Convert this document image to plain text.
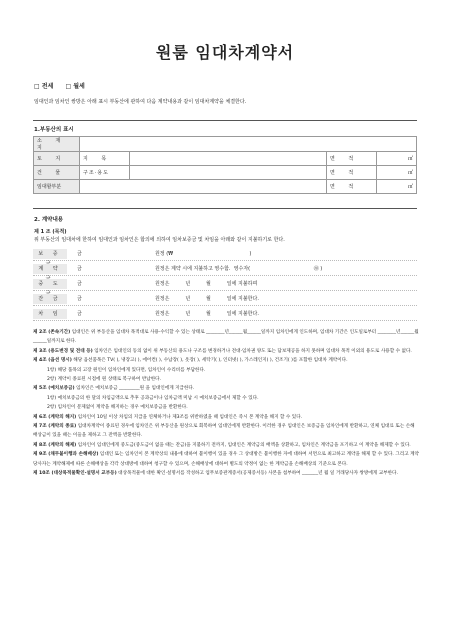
원룸 임대차계약서
□ 전세 □ 월세
임대인과 임차인 쌍방은 아래 표시 부동산에 관하여 다음 계약내용과 같이 임대차계약을 체결한다.
1.부동산의 표시
소 재 지				
토 지	지 목		면 적	㎡
건 물	구조·용도		면 적	㎡
임대할부분			면 적	㎡
2. 계약내용
제 1 조 (목적)
위 부동산의 임대차에 한하여 임대인과 임차인은 합의에 의하여 임차보증금 및 차임을 아래와 같이 지불하기로 한다.
보 증	금                                              원정 (₩                                                )
계 약	금                                              원정은 계약 시에 지불하고 영수함.  영수자(                                        ㊞ )
중 도	금                                              원정은          년          월          일에 지불하며
잔 금	금                                              원정은          년          월          일에 지불한다.
차 임	금                                              원정은          년          월          일에 지불한다.

제 2조 (존속기간) 임대인은 위 부동산을 임대차 목적대로 사용·수익할 수 있는 상태로 ________년______월______일까지 임차인에게 인도하며, 임대차 기간은 인도일로부터 ________년______월______일까지로 한다.

제 3조 (용도변경 및 전대 등) 임차인은 임대인의 동의 없이 위 부동산의 용도나 구조를 변경하거나 전대·임차권 양도 또는 담보제공을 하지 못하며 임대차 목적 이외의 용도로 사용할 수 없다.

제 4조 (옵션 명시) 해당 옵션품목은 TV( ), 냉장고( ), 에어컨( ), 수납장( ), 옷장( ), 세탁기( ), 인터넷( ), 가스레인지( ), 건조기( )를 포함한 임대차 계약이다.

1항) 해당 품목의 고장 원인이 임차인에게 있다면, 임차인이 수리비를 부담한다.

2항) 계약이 종료된 시점에 원 상태로 복구하여 반납한다.

제 5조 (예치보증금) 임차인은 예치보증금 _________원 을 임대인에게 지급한다.

1항) 예치보증금의 한 달의 차임금액으로 추후 공과금이나 임차금액 미납 시 예치보증금에서 제할 수 있다.

2항) 임차인이 문제없이 계약을 해지하는 경우 예치보증금을 반환한다.

제 6조 (계약의 해지) 임차인이 10일 이상 차임의 지급을 연체하거나 제3조를 위반하였을 때 임대인은 즉시 본 계약을 해지 할 수 있다.

제 7조 (계약의 종료) 임대차계약이 종료된 경우에 임차인은 위 부동산을 원상으로 회복하여 임대인에게 반환한다. 이러한 경우 임대인은 보증금을 임차인에게 반환하고, 연체 임대료 또는 손해배상금이 있을 때는 이들을 제하고 그 잔액을 반환한다.

제 8조 (계약의 해제) 임차인이 임대인에게 중도금(중도금이 없을 때는 잔금)을 지불하기 전까지, 임대인은 계약금의 배액을 상환하고, 임차인은 계약금을 포기하고 이 계약을 해제할 수 있다.

제 9조 (채무불이행과 손해배상) 임대인 또는 임차인이 본 계약상의 내용에 대하여 불이행이 있을 경우 그 상대방은 불이행한 자에 대하여 서면으로 최고하고 계약을 해제 할 수 있다. 그리고 계약 당사자는 계약해제에 따른 손해배상을 각각 상대방에 대하여 청구할 수 있으며, 손해배상에 대하여 별도의 약정이 없는 한 계약금을 손해배상의 기준으로 본다.

제 10조 (대상목적물확인·설명서 교부등) 대상목적물에 대한 확인·설명서를 작성하고 업무보증관계증서(공제증서등) 사본을 첨부하여 _______년 월 일 거래당사자 쌍방에게 교부한다.
